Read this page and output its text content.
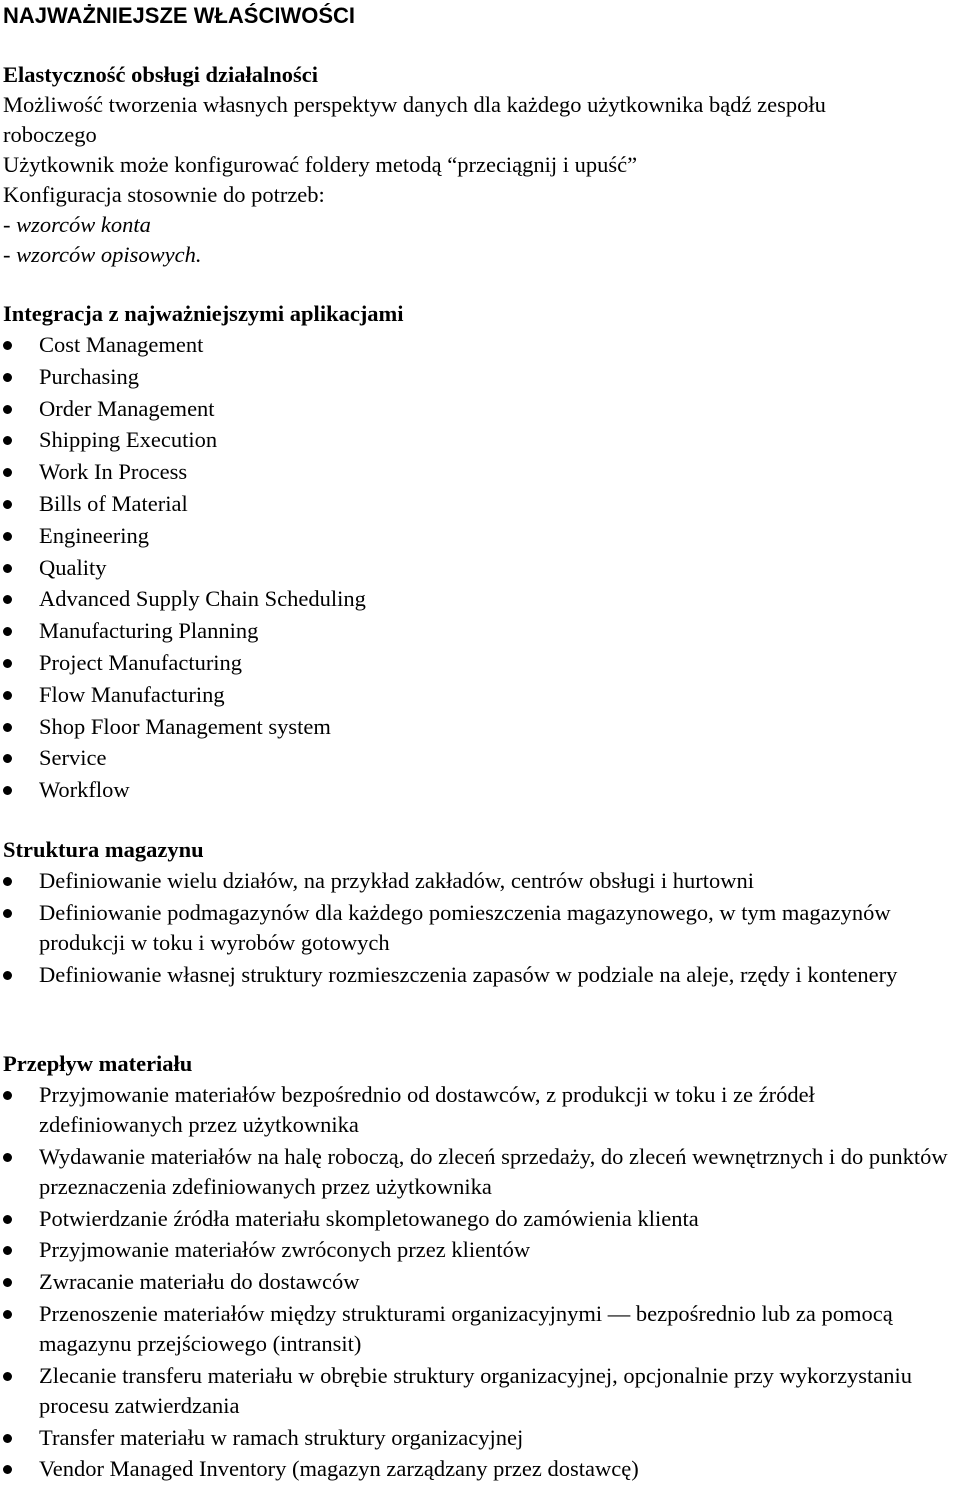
NAJWAŻNIEJSZE WŁAŚCIWOŚCI
Elastyczność obsługi działalności
Możliwość tworzenia własnych perspektyw danych dla każdego użytkownika bądź zespołu
roboczego
Użytkownik może konfigurować foldery metodą “przeciągnij i upuść”
Konfiguracja stosownie do potrzeb:
- wzorców konta
- wzorców opisowych.
Integracja z najważniejszymi aplikacjami
Cost Management
Purchasing
Order Management
Shipping Execution
Work In Process
Bills of Material
Engineering
Quality
Advanced Supply Chain Scheduling
Manufacturing Planning
Project Manufacturing
Flow Manufacturing
Shop Floor Management system
Service
Workflow
Struktura magazynu
Definiowanie wielu działów, na przykład zakładów, centrów obsługi i hurtowni
Definiowanie podmagazynów dla każdego pomieszczenia magazynowego, w tym magazynów produkcji w toku i wyrobów gotowych
Definiowanie własnej struktury rozmieszczenia zapasów w podziale na aleje, rzędy i kontenery
Przepływ materiału
Przyjmowanie materiałów bezpośrednio od dostawców, z produkcji w toku i ze źródeł zdefiniowanych przez użytkownika
Wydawanie materiałów na halę roboczą, do zleceń sprzedaży, do zleceń wewnętrznych i do punktów przeznaczenia zdefiniowanych przez użytkownika
Potwierdzanie źródła materiału skompletowanego do zamówienia klienta
Przyjmowanie materiałów zwróconych przez klientów
Zwracanie materiału do dostawców
Przenoszenie materiałów między strukturami organizacyjnymi — bezpośrednio lub za pomocą magazynu przejściowego (intransit)
Zlecanie transferu materiału w obrębie struktury organizacyjnej, opcjonalnie przy wykorzystaniu procesu zatwierdzania
Transfer materiału w ramach struktury organizacyjnej
Vendor Managed Inventory (magazyn zarządzany przez dostawcę)
